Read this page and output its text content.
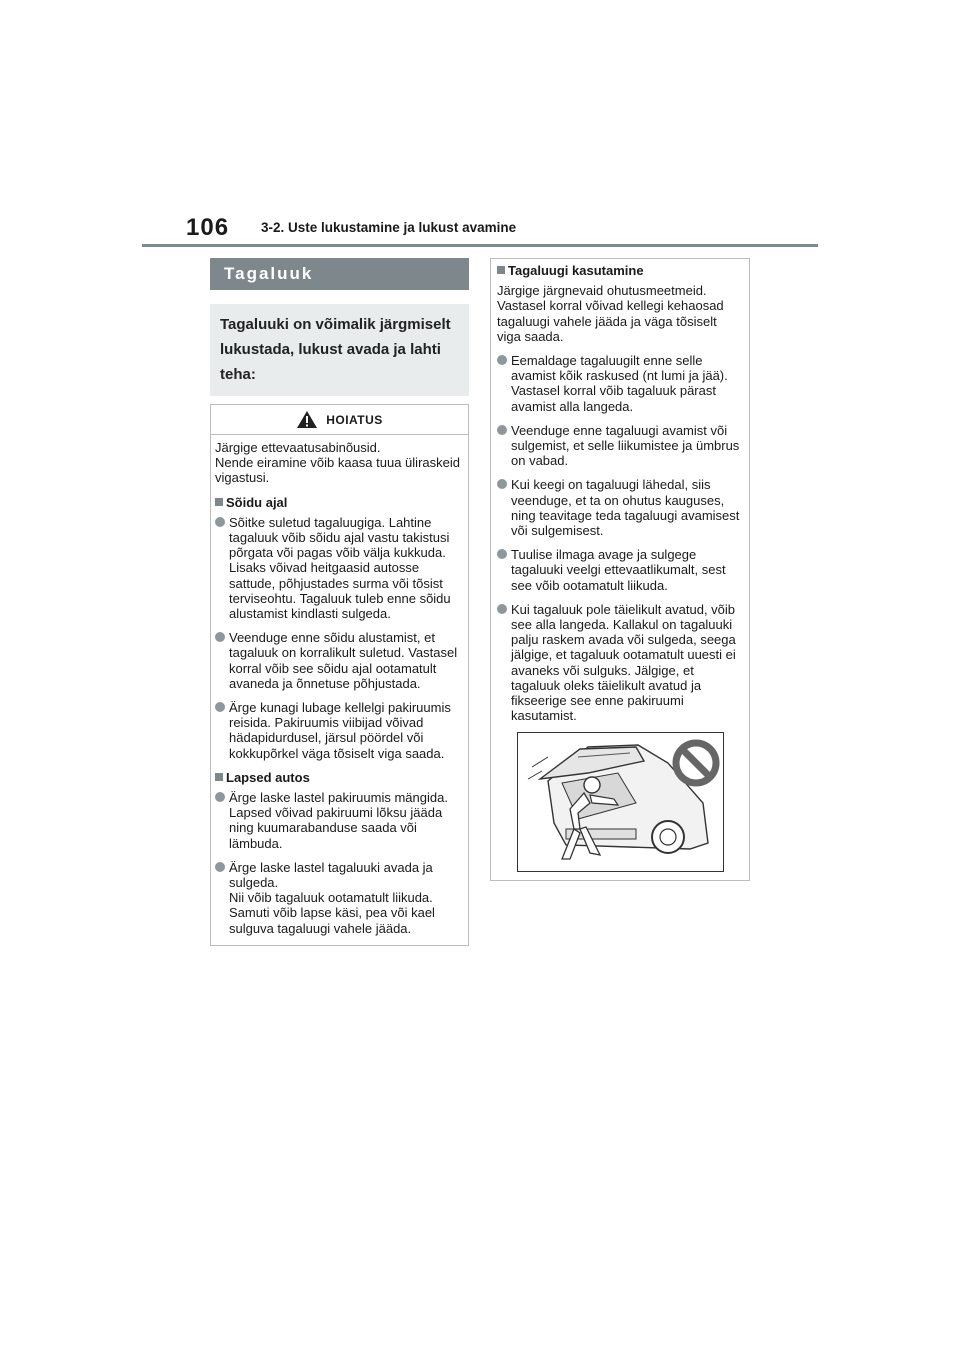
106 3-2. Uste lukustamine ja lukust avamine
Tagaluuk
Tagaluuki on võimalik järgmiselt lukustada, lukust avada ja lahti teha:
HOIATUS

Järgige ettevaatusabinõusid.

Nende eiramine võib kaasa tuua üliraskeid vigastusi.

Sõidu ajal

Sõitke suletud tagaluugiga. Lahtine tagaluuk võib sõidu ajal vastu takistusi põrgata või pagas võib välja kukkuda.

Lisaks võivad heitgaasid autosse sattude, põhjustades surma või tõsist terviseohtu. Tagaluuk tuleb enne sõidu alustamist kindlasti sulgeda.

Veenduge enne sõidu alustamist, et tagaluuk on korralikult suletud. Vastasel korral võib see sõidu ajal ootamatult avaneda ja õnnetuse põhjustada.

Ärge kunagi lubage kellelgi pakiruumis reisida. Pakiruumis viibijad võivad hädapidurdusel, järsul pöördel või kokkupõrkel väga tõsiselt viga saada.

Lapsed autos

Ärge laske lastel pakiruumis mängida.

Lapsed võivad pakiruumi lõksu jääda ning kuumarabanduse saada või lämbuda.

Ärge laske lastel tagaluuki avada ja sulgeda.

Nii võib tagaluuk ootamatult liikuda. Samuti võib lapse käsi, pea või kael sulguva tagaluugi vahele jääda.

Tagaluugi kasutamine
Järgige järgnevaid ohutusmeetmeid. Vastasel korral võivad kellegi kehaosad tagaluugi vahele jääda ja väga tõsiselt viga saada.

Eemaldage tagaluugilt enne selle avamist kõik raskused (nt lumi ja jää). Vastasel korral võib tagaluuk pärast avamist alla langeda.

Veenduge enne tagaluugi avamist või sulgemist, et selle liikumistee ja ümbrus on vabad.

Kui keegi on tagaluugi lähedal, siis veenduge, et ta on ohutus kauguses, ning teavitage teda tagaluugi avamisest või sulgemisest.

Tuulise ilmaga avage ja sulgege tagaluuki veelgi ettevaatlikumalt, sest see võib ootamatult liikuda.

Kui tagaluuk pole täielikult avatud, võib see alla langeda. Kallakul on tagaluuki palju raskem avada või sulgeda, seega jälgige, et tagaluuk ootamatult uuesti ei avaneks või sulguks. Jälgige, et tagaluuk oleks täielikult avatud ja fikseerige see enne pakiruumi kasutamist.
